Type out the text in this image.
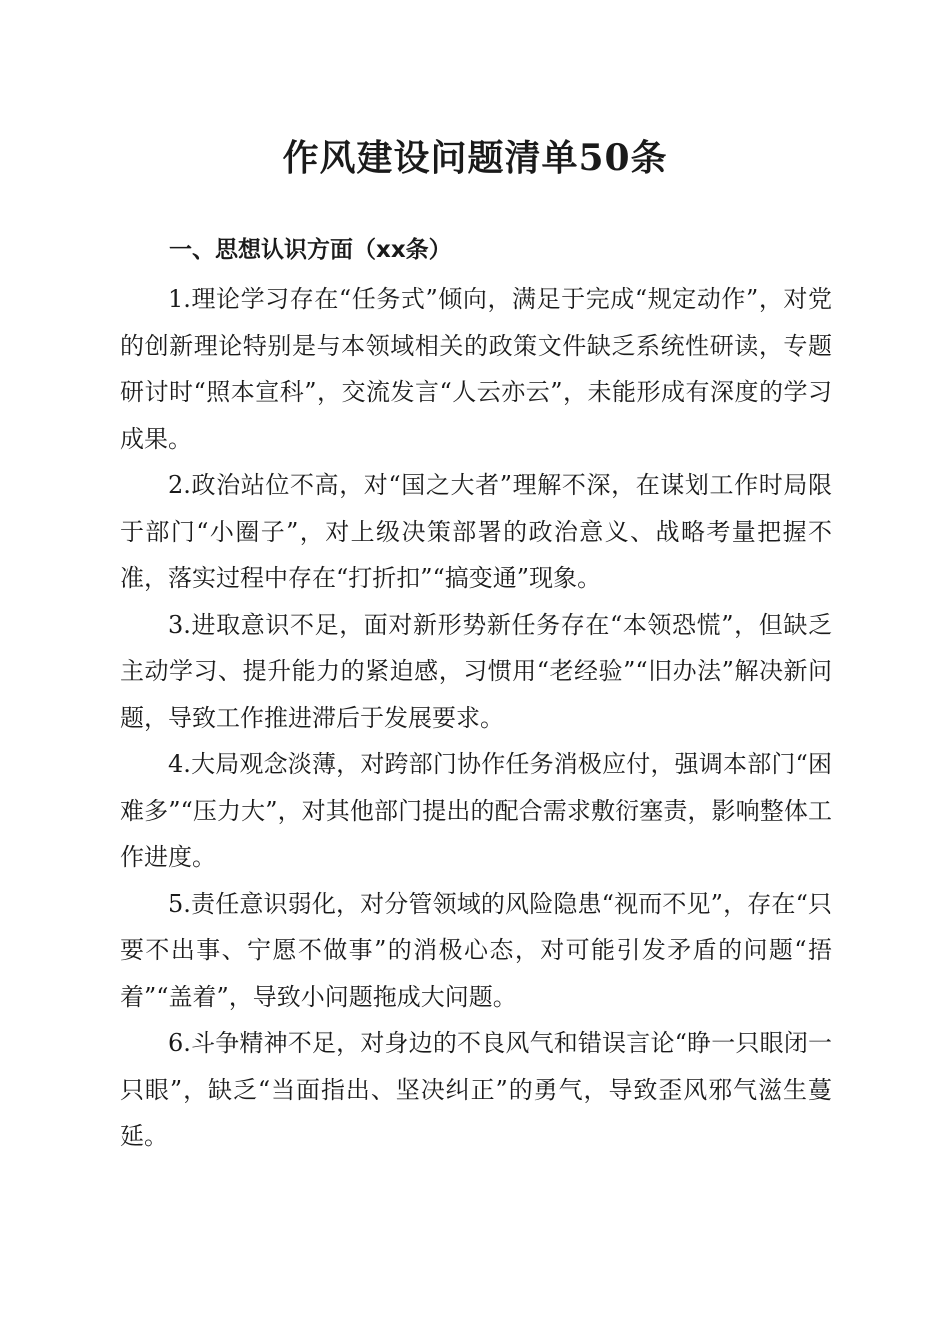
作风建设问题清单50条
一、思想认识方面（xx条）

1.理论学习存在“任务式”倾向，满足于完成“规定动作”，对党的创新理论特别是与本领域相关的政策文件缺乏系统性研读，专题研讨时“照本宣科”，交流发言“人云亦云”，未能形成有深度的学习成果。

2.政治站位不高，对“国之大者”理解不深，在谋划工作时局限于部门“小圈子”，对上级决策部署的政治意义、战略考量把握不准，落实过程中存在“打折扣”“搞变通”现象。

3.进取意识不足，面对新形势新任务存在“本领恐慌”，但缺乏主动学习、提升能力的紧迫感，习惯用“老经验”“旧办法”解决新问题，导致工作推进滞后于发展要求。

4.大局观念淡薄，对跨部门协作任务消极应付，强调本部门“困难多”“压力大”，对其他部门提出的配合需求敷衍塞责，影响整体工作进度。

5.责任意识弱化，对分管领域的风险隐患“视而不见”，存在“只要不出事、宁愿不做事”的消极心态，对可能引发矛盾的问题“捂着”“盖着”，导致小问题拖成大问题。

6.斗争精神不足，对身边的不良风气和错误言论“睁一只眼闭一只眼”，缺乏“当面指出、坚决纠正”的勇气，导致歪风邪气滋生蔓延。
